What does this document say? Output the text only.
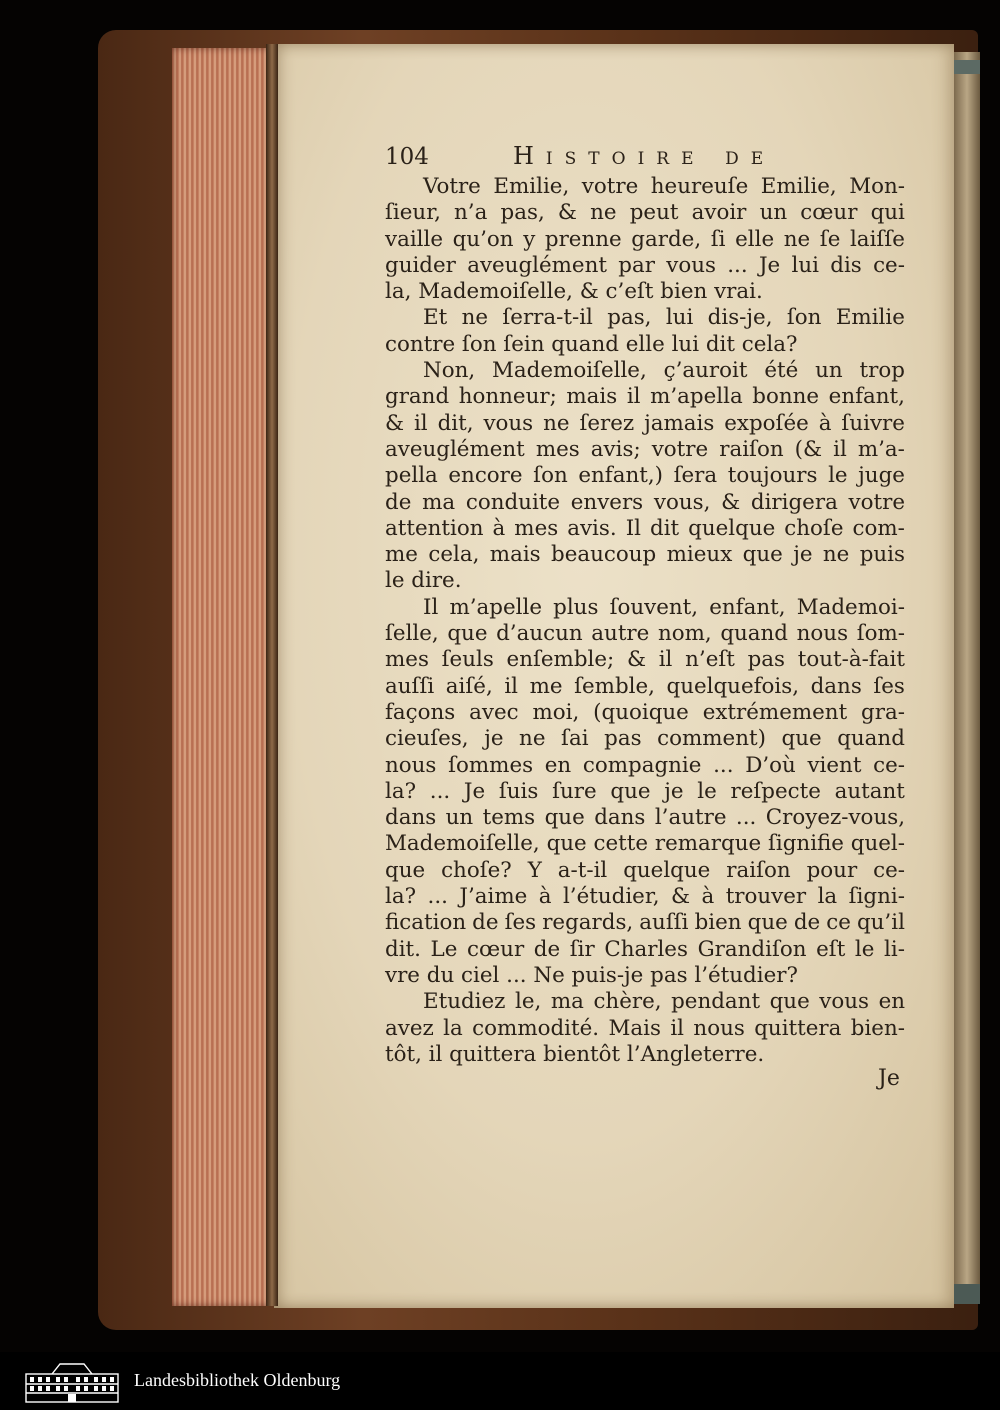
104	Histoire de
Votre Emilie, votre heureuſe Emilie, Mon-
ſieur, n’a pas, & ne peut avoir un cœur qui
vaille qu’on y prenne garde, ſi elle ne ſe laiſſe
guider aveuglément par vous ... Je lui dis ce-
la, Mademoiſelle, & c’eſt bien vrai.
Et ne ſerra-t-il pas, lui dis-je, ſon Emilie
contre ſon ſein quand elle lui dit cela?
Non, Mademoiſelle, ç’auroit été un trop
grand honneur; mais il m’apella bonne enfant,
& il dit, vous ne ſerez jamais expoſée à ſuivre
aveuglément mes avis; votre raiſon (& il m’a-
pella encore ſon enfant,) ſera toujours le juge
de ma conduite envers vous, & dirigera votre
attention à mes avis. Il dit quelque choſe com-
me cela, mais beaucoup mieux que je ne puis
le dire.
Il m’apelle plus ſouvent, enfant, Mademoi-
ſelle, que d’aucun autre nom, quand nous ſom-
mes ſeuls enſemble; & il n’eſt pas tout-à-fait
auſſi aiſé, il me ſemble, quelquefois, dans ſes
façons avec moi, (quoique extrémement gra-
cieuſes, je ne ſai pas comment) que quand
nous ſommes en compagnie ... D’où vient ce-
la? ... Je ſuis ſure que je le reſpecte autant
dans un tems que dans l’autre ... Croyez-vous,
Mademoiſelle, que cette remarque ſignifie quel-
que choſe? Y a-t-il quelque raiſon pour ce-
la? ... J’aime à l’étudier, & à trouver la ſigni-
fication de ſes regards, auſſi bien que de ce qu’il
dit. Le cœur de ſir Charles Grandiſon eſt le li-
vre du ciel ... Ne puis-je pas l’étudier?
Etudiez le, ma chère, pendant que vous en
avez la commodité. Mais il nous quittera bien-
tôt, il quittera bientôt l’Angleterre.
Je
Landesbibliothek Oldenburg
